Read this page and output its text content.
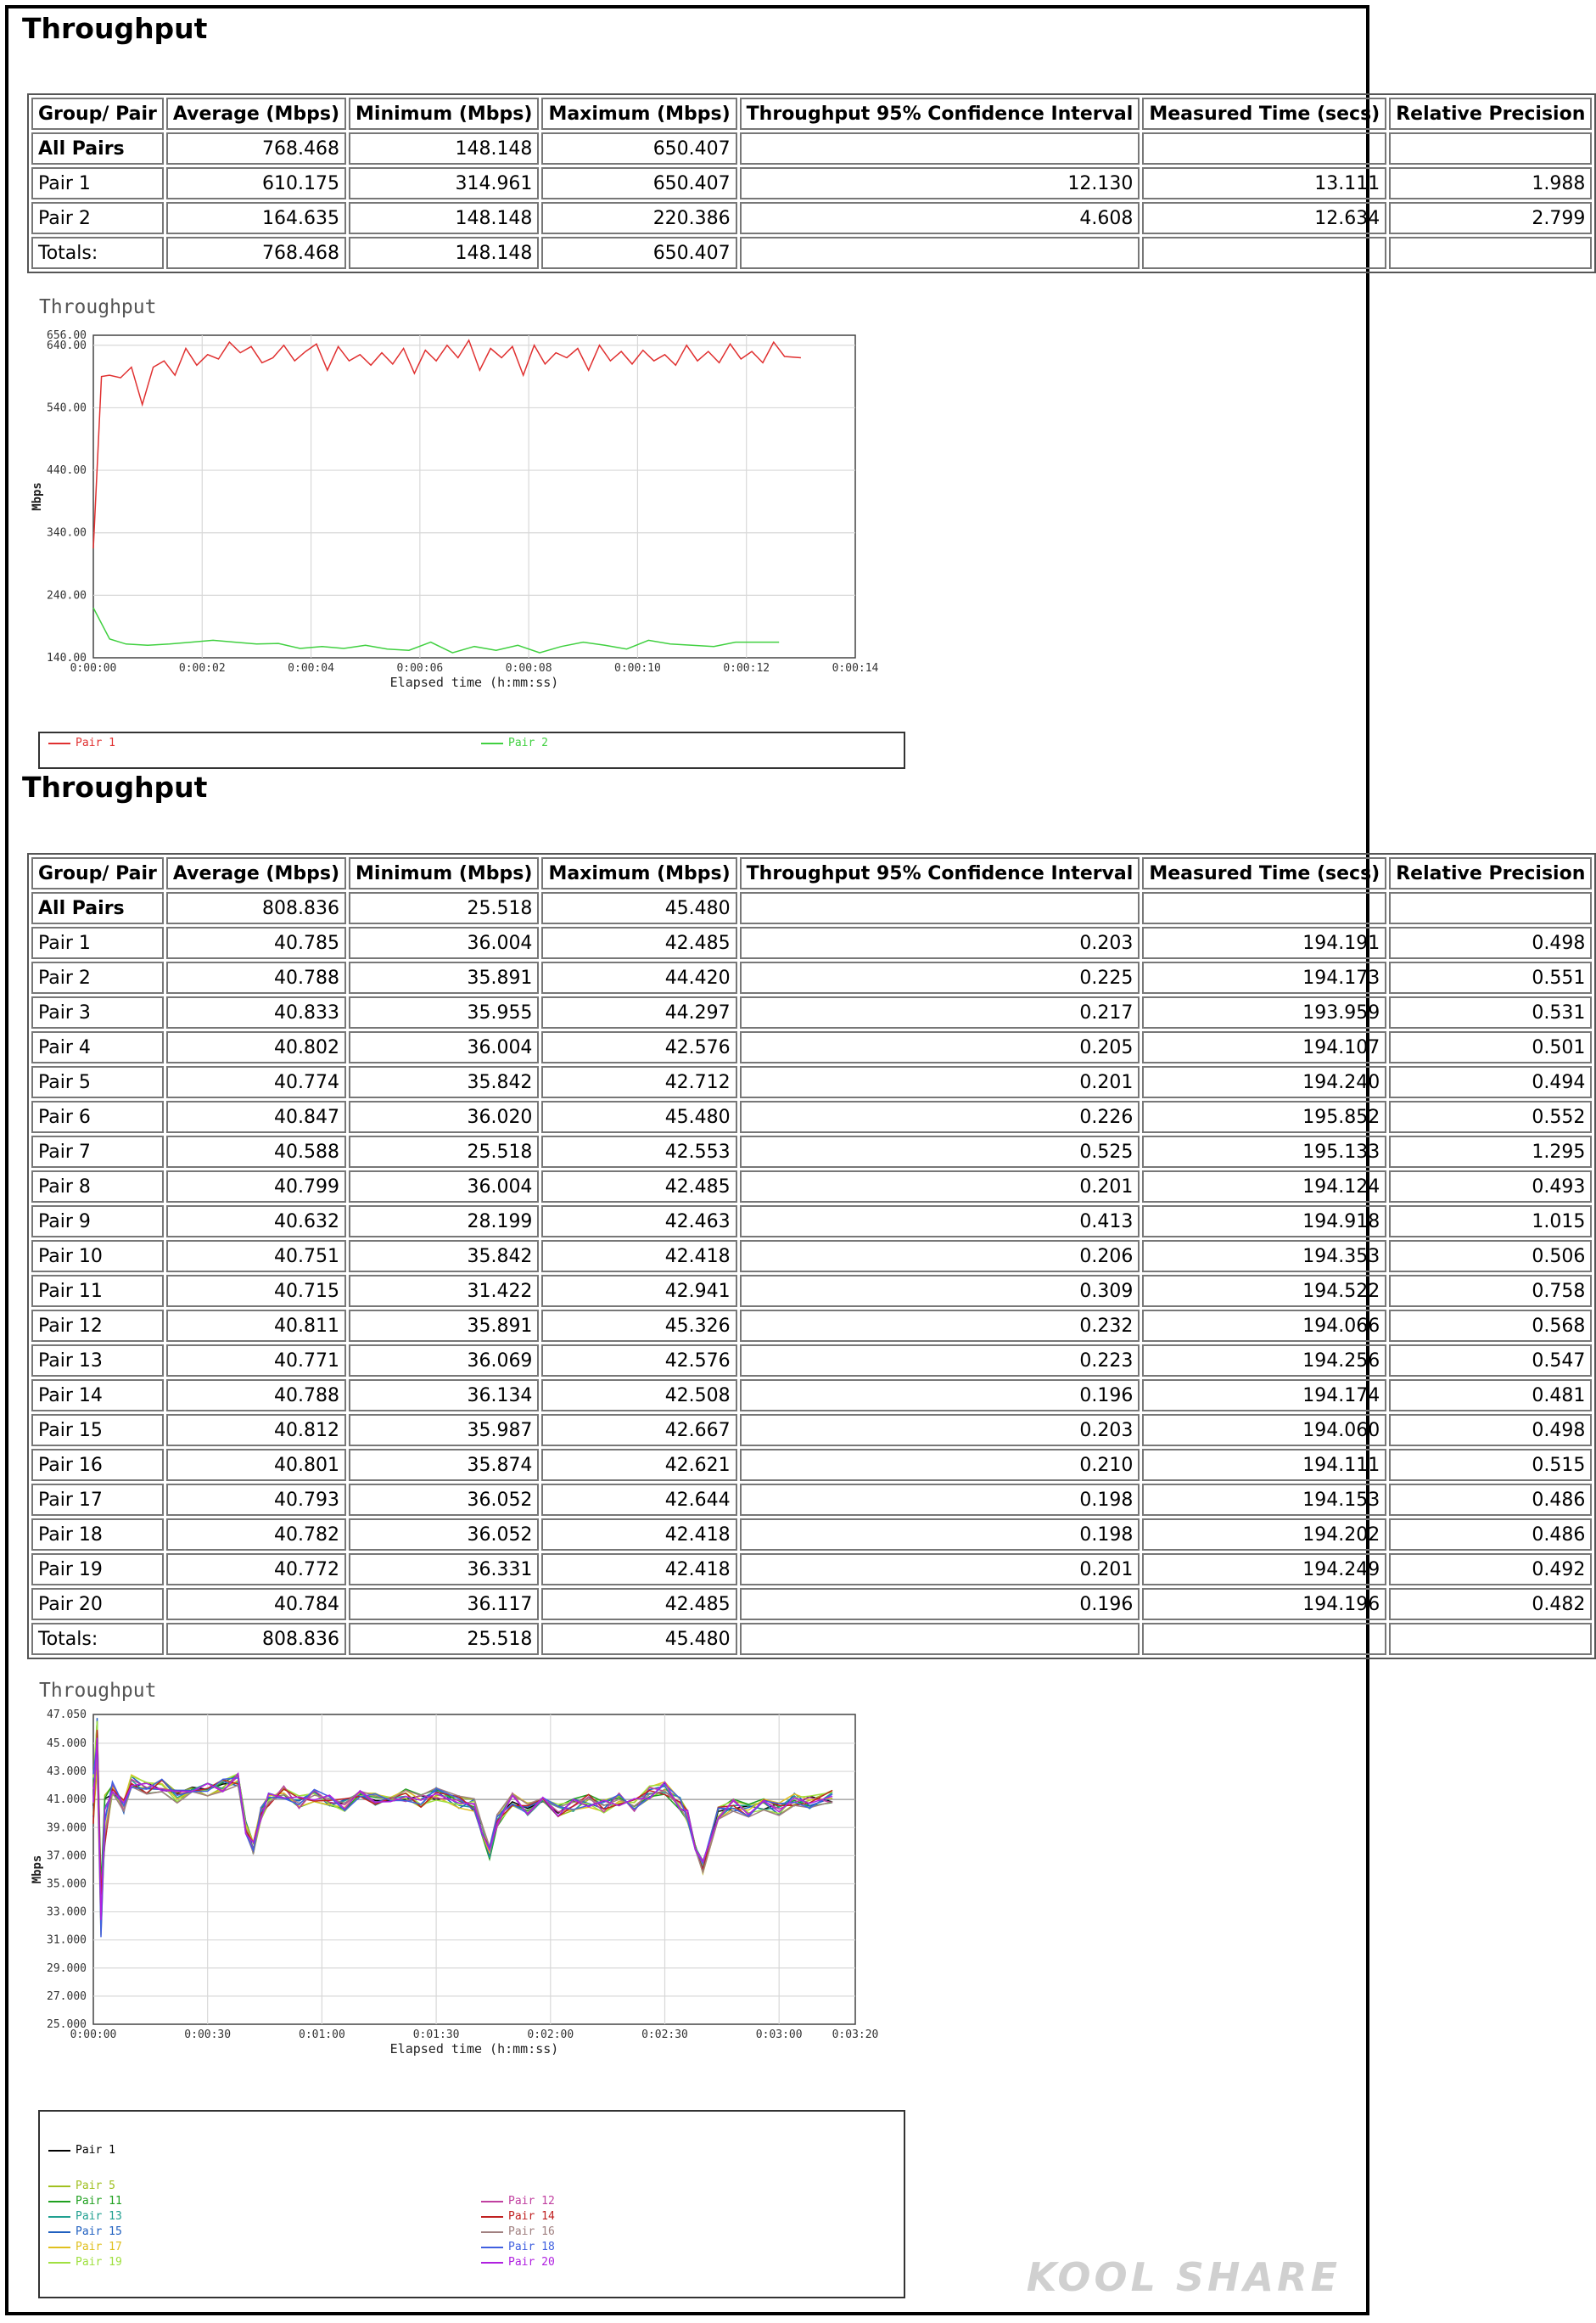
Throughput
Group/ Pair	Average (Mbps)	Minimum (Mbps)	Maximum (Mbps)	Throughput 95% Confidence Interval	Measured Time (secs)	Relative Precision
All Pairs	768.468	148.148	650.407			
Pair 1	610.175	314.961	650.407	12.130	13.111	1.988
Pair 2	164.635	148.148	220.386	4.608	12.634	2.799
Totals:	768.468	148.148	650.407			
Throughput
0:00:00	0:00:02	0:00:04	0:00:06	0:00:08	0:00:10	0:00:12	0:00:14
140.00
240.00
340.00
440.00
540.00
640.00
656.00
Elapsed time (h:mm:ss)
Mbps
Pair 1	Pair 2
Throughput
Group/ Pair	Average (Mbps)	Minimum (Mbps)	Maximum (Mbps)	Throughput 95% Confidence Interval	Measured Time (secs)	Relative Precision
All Pairs	808.836	25.518	45.480			
Pair 1	40.785	36.004	42.485	0.203	194.191	0.498
Pair 2	40.788	35.891	44.420	0.225	194.173	0.551
Pair 3	40.833	35.955	44.297	0.217	193.959	0.531
Pair 4	40.802	36.004	42.576	0.205	194.107	0.501
Pair 5	40.774	35.842	42.712	0.201	194.240	0.494
Pair 6	40.847	36.020	45.480	0.226	195.852	0.552
Pair 7	40.588	25.518	42.553	0.525	195.133	1.295
Pair 8	40.799	36.004	42.485	0.201	194.124	0.493
Pair 9	40.632	28.199	42.463	0.413	194.918	1.015
Pair 10	40.751	35.842	42.418	0.206	194.353	0.506
Pair 11	40.715	31.422	42.941	0.309	194.522	0.758
Pair 12	40.811	35.891	45.326	0.232	194.066	0.568
Pair 13	40.771	36.069	42.576	0.223	194.256	0.547
Pair 14	40.788	36.134	42.508	0.196	194.174	0.481
Pair 15	40.812	35.987	42.667	0.203	194.060	0.498
Pair 16	40.801	35.874	42.621	0.210	194.111	0.515
Pair 17	40.793	36.052	42.644	0.198	194.153	0.486
Pair 18	40.782	36.052	42.418	0.198	194.202	0.486
Pair 19	40.772	36.331	42.418	0.201	194.249	0.492
Pair 20	40.784	36.117	42.485	0.196	194.196	0.482
Totals:	808.836	25.518	45.480			
Throughput
0:00:00	0:00:30	0:01:00	0:01:30	0:02:00	0:02:30	0:03:00	0:03:20
25.000
27.000
29.000
31.000
33.000
35.000
37.000
39.000
41.000
43.000
45.000
47.050
Elapsed time (h:mm:ss)
Mbps
Pair 1
Pair 5
Pair 11
Pair 13
Pair 15
Pair 17
Pair 19
Pair 12
Pair 14
Pair 16
Pair 18
Pair 20	KOOL SHARE
